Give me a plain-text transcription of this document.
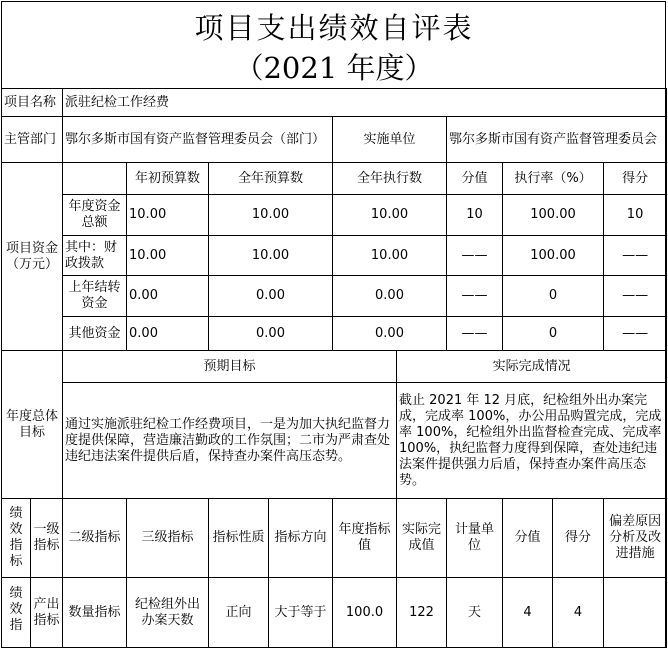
项目支出绩效自评表
（2021 年度）
项目名称		派驻纪检工作经费									
主管部门		鄂尔多斯市国有资产监督管理委员会（部门）				实施单位		鄂尔多斯市国有资产监督管理委员会			
项目资金（万元）			年初预算数	全年预算数		全年执行数		分值	执行率（%）		得分
		年度资金总额	10.00	10.00		10.00		10	100.00		10
		其中：财政拨款	10.00	10.00		10.00		——	100.00		——
		上年结转资金	0.00	0.00		0.00		——	0		——
		其他资金	0.00	0.00		0.00		——	0		——
年度总体目标		预期目标					实际完成情况				
		通过实施派驻纪检工作经费项目，一是为加大执纪监督力度提供保障，营造廉洁勤政的工作氛围；二市为严肃查处违纪违法案件提供后盾，保持查办案件高压态势。					截止 2021 年 12 月底，纪检组外出办案完成，完成率 100%，办公用品购置完成，完成率 100%，纪检组外出监督检查完成、完成率 100%，执纪监督力度得到保障，查处违纪违法案件提供强力后盾，保持查办案件高压态势。				
绩效指标	一级指标	二级指标	三级指标	指标性质	指标方向	年度指标值	实际完成值	计量单位	分值	得分	偏差原因分析及改进措施
绩效指	产出指标	数量指标	纪检组外出办案天数	正向	大于等于	100.0	122	天	4	4	
